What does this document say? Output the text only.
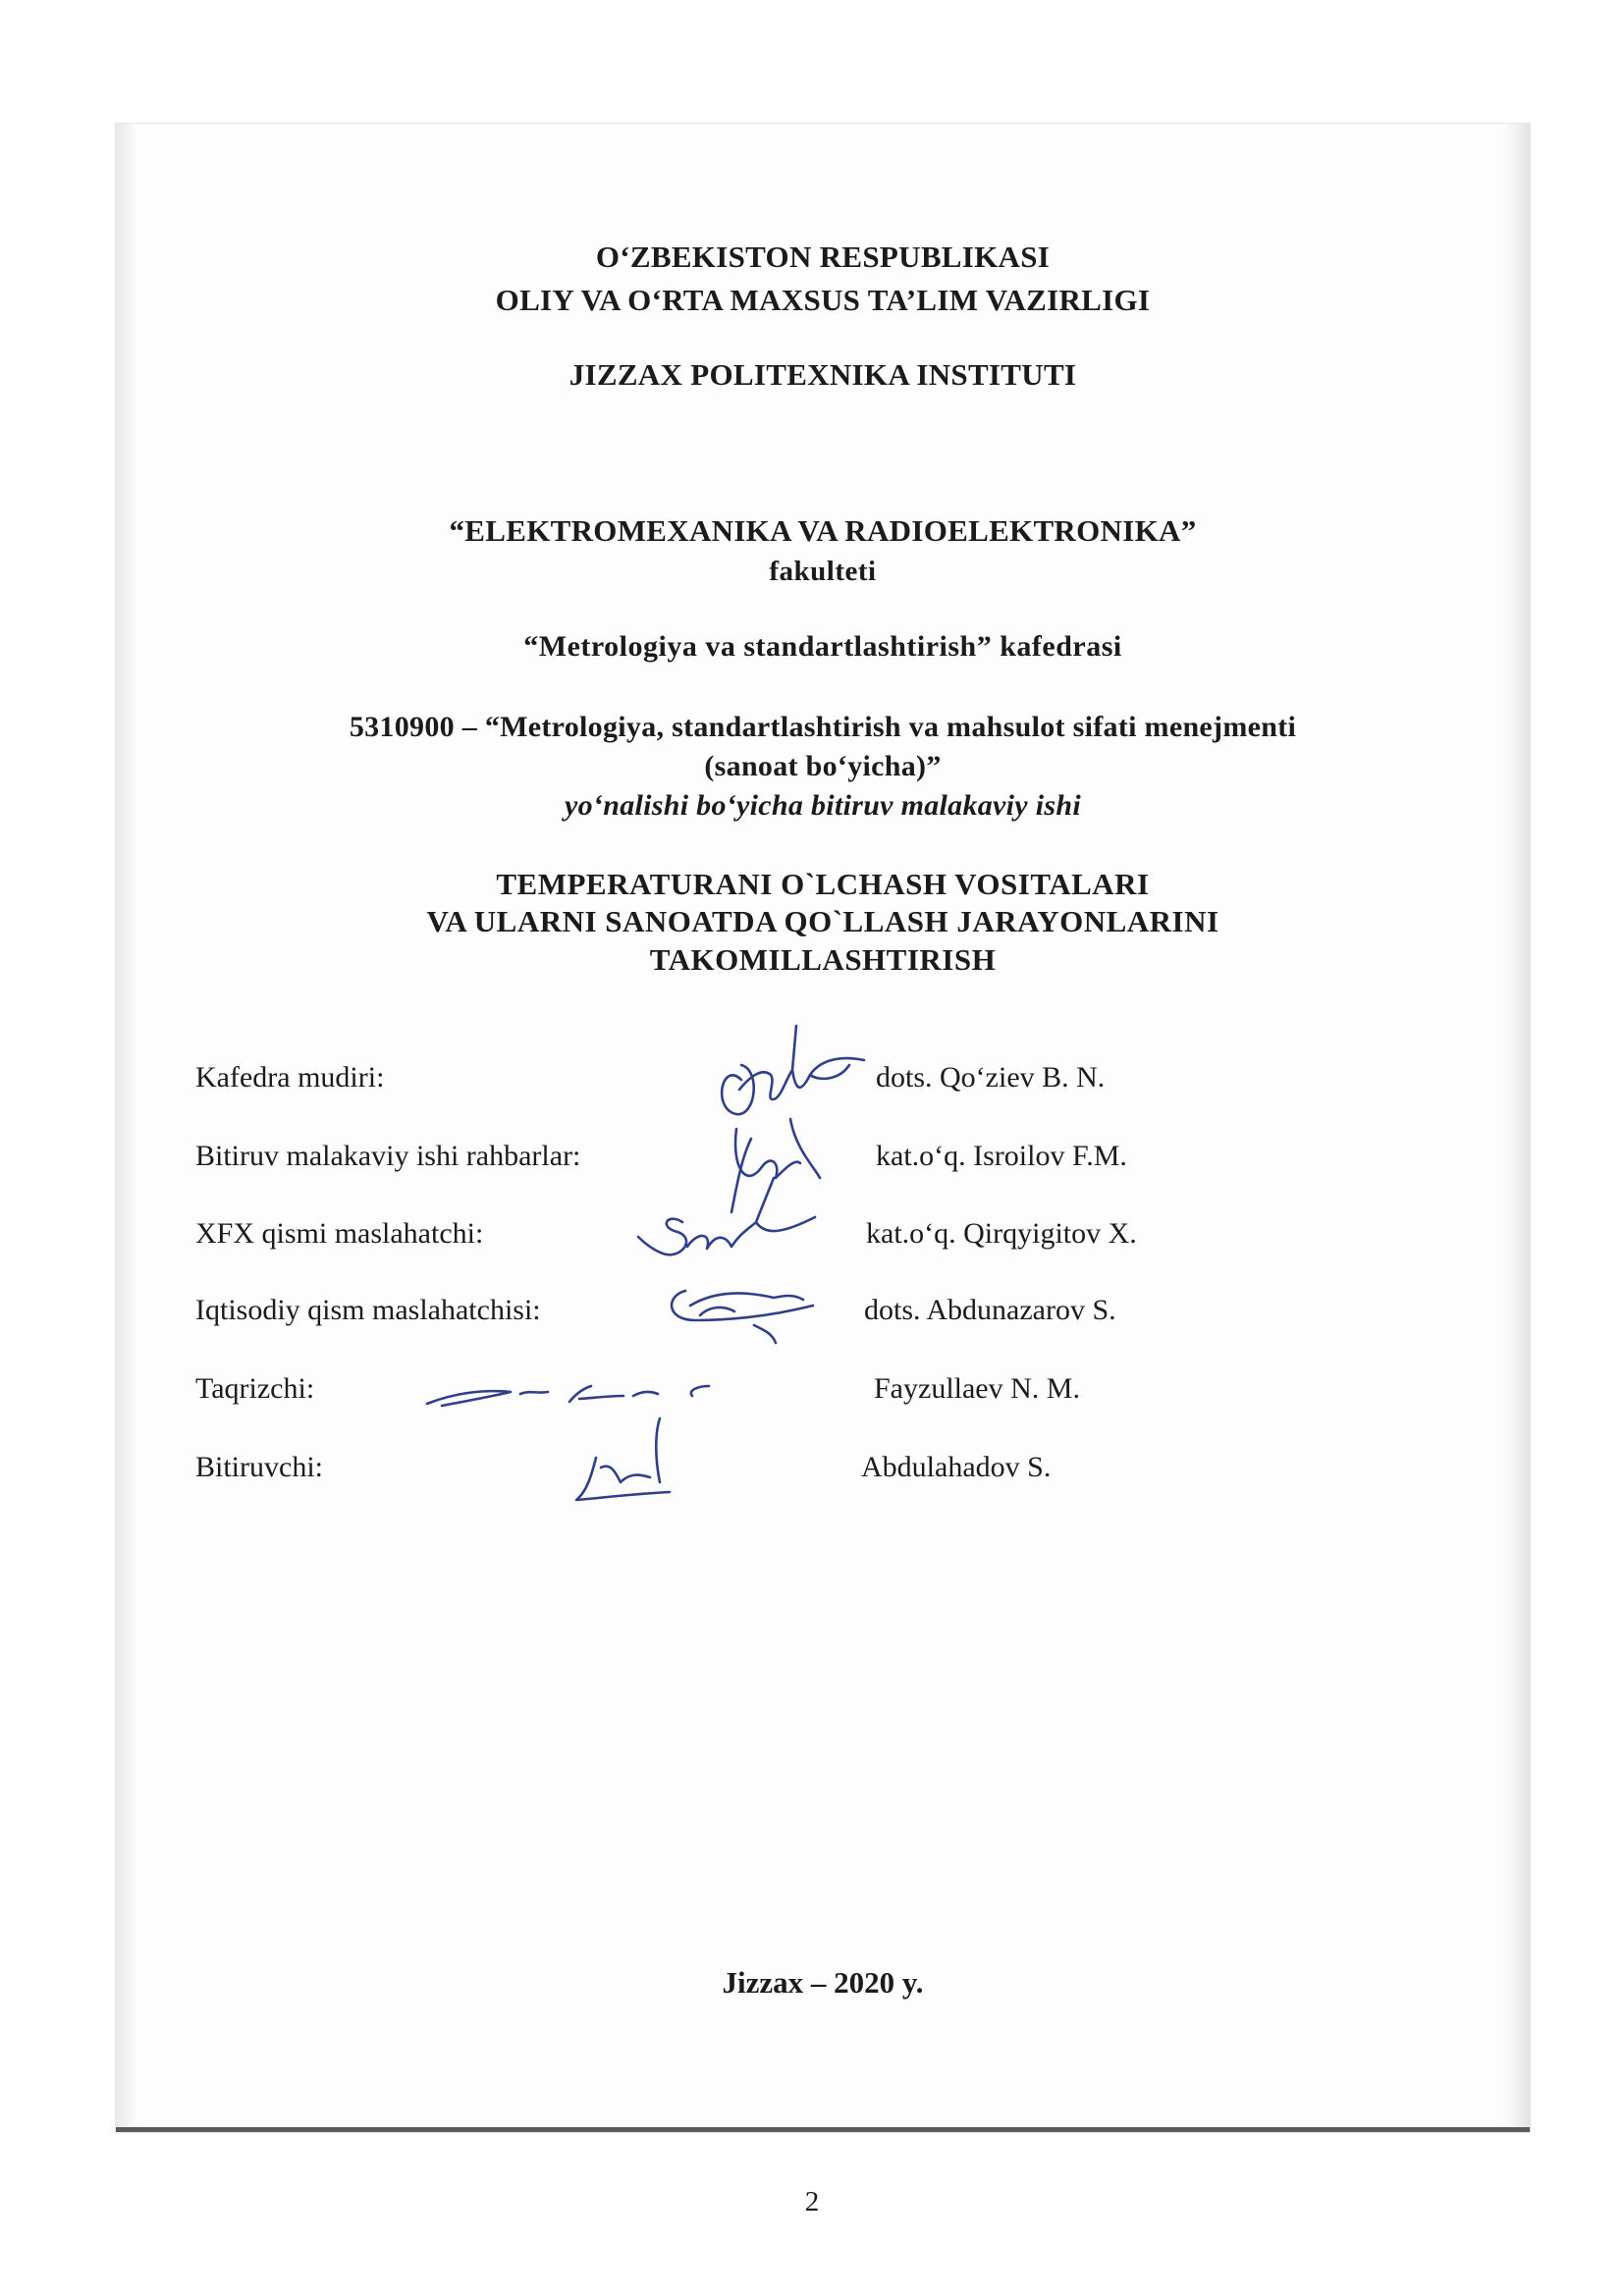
O‘ZBEKISTON RESPUBLIKASI
OLIY VA O‘RTA MAXSUS TA’LIM VAZIRLIGI
JIZZAX POLITEXNIKA INSTITUTI
“ELEKTROMEXANIKA VA RADIOELEKTRONIKA”
fakulteti
“Metrologiya va standartlashtirish” kafedrasi
5310900 – “Metrologiya, standartlashtirish va mahsulot sifati menejmenti
(sanoat bo‘yicha)”
yo‘nalishi bo‘yicha bitiruv malakaviy ishi
TEMPERATURANI O`LCHASH VOSITALARI
VA ULARNI SANOATDA QO`LLASH JARAYONLARINI
TAKOMILLASHTIRISH
Kafedra mudiri:	dots. Qo‘ziev B. N.
Bitiruv malakaviy ishi rahbarlar:	kat.o‘q. Isroilov F.M.
XFX qismi maslahatchi:	kat.o‘q. Qirqyigitov X.
Iqtisodiy qism maslahatchisi:	dots. Abdunazarov S.
Taqrizchi:	Fayzullaev N. M.
Bitiruvchi:	Abdulahadov S.
Jizzax – 2020 y.
2
